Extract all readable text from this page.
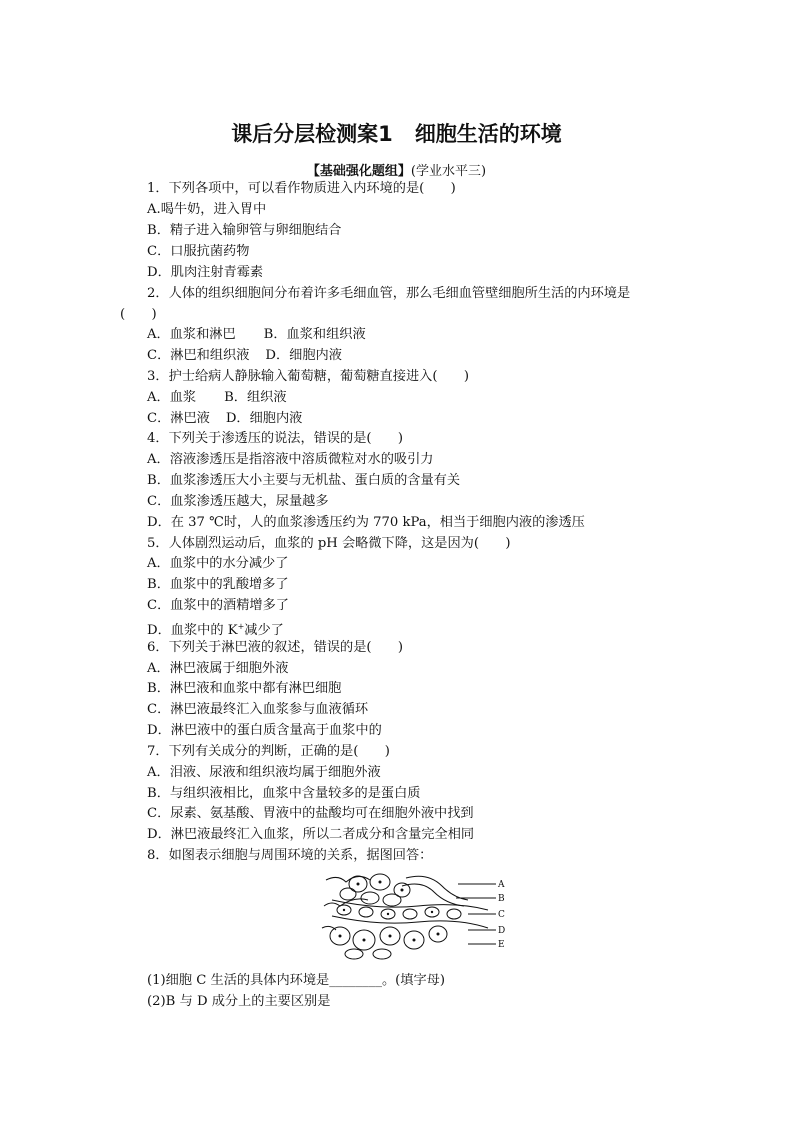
课后分层检测案1 细胞生活的环境
【基础强化题组】(学业水平三)
1．下列各项中，可以看作物质进入内环境的是(　　)
A.喝牛奶，进入胃中
B．精子进入输卵管与卵细胞结合
C．口服抗菌药物
D．肌肉注射青霉素
2．人体的组织细胞间分布着许多毛细血管，那么毛细血管壁细胞所生活的内环境是
(　　)
A．血浆和淋巴 B．血浆和组织液
C．淋巴和组织液 D．细胞内液
3．护士给病人静脉输入葡萄糖，葡萄糖直接进入(　　)
A．血浆 B．组织液
C．淋巴液 D．细胞内液
4．下列关于渗透压的说法，错误的是(　　)
A．溶液渗透压是指溶液中溶质微粒对水的吸引力
B．血浆渗透压大小主要与无机盐、蛋白质的含量有关
C．血浆渗透压越大，尿量越多
D．在 37 ℃时，人的血浆渗透压约为 770 kPa，相当于细胞内液的渗透压
5．人体剧烈运动后，血浆的 pH 会略微下降，这是因为(　　)
A．血浆中的水分减少了
B．血浆中的乳酸增多了
C．血浆中的酒精增多了
D．血浆中的 K+减少了
6．下列关于淋巴液的叙述，错误的是(　　)
A．淋巴液属于细胞外液
B．淋巴液和血浆中都有淋巴细胞
C．淋巴液最终汇入血浆参与血液循环
D．淋巴液中的蛋白质含量高于血浆中的
7．下列有关成分的判断，正确的是(　　)
A．泪液、尿液和组织液均属于细胞外液
B．与组织液相比，血浆中含量较多的是蛋白质
C．尿素、氨基酸、胃液中的盐酸均可在细胞外液中找到
D．淋巴液最终汇入血浆，所以二者成分和含量完全相同
8．如图表示细胞与周围环境的关系，据图回答：
A
B
C
D
E
(1)细胞 C 生活的具体内环境是________。(填字母)
(2)B 与 D 成分上的主要区别是
